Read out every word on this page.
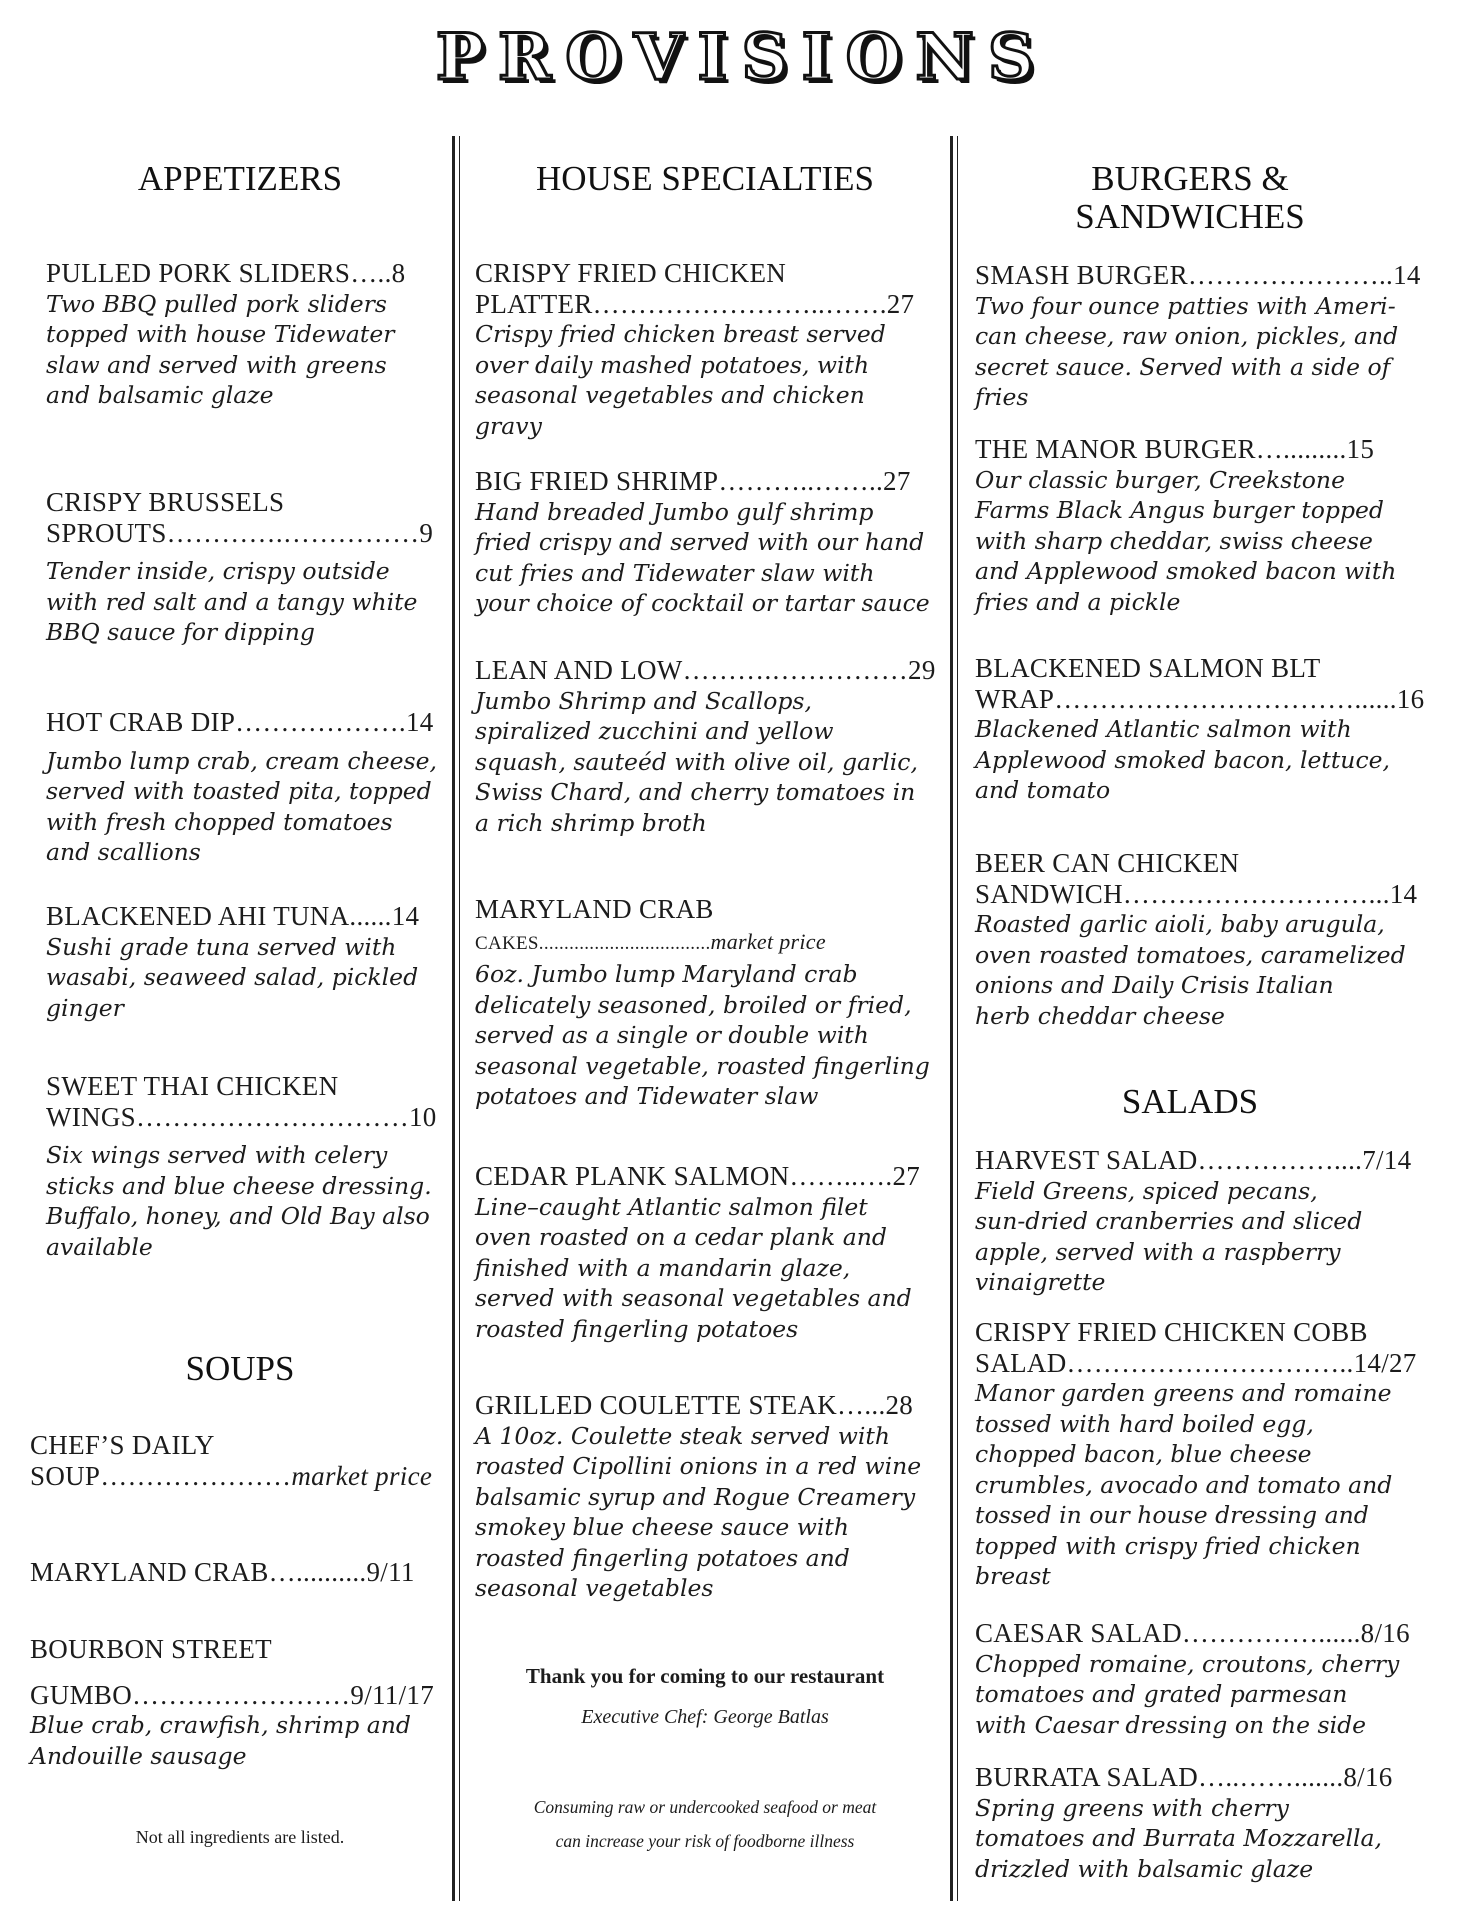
PROVISIONS
APPETIZERS
PULLED PORK SLIDERS…..8
Two BBQ pulled pork sliders
topped with house Tidewater
slaw and served with greens
and balsamic glaze
CRISPY BRUSSELS
SPROUTS………….……………9
Tender inside, crispy outside
with red salt and a tangy white
BBQ sauce for dipping
HOT CRAB DIP……………….14
Jumbo lump crab, cream cheese,
served with toasted pita, topped
with fresh chopped tomatoes
and scallions
BLACKENED AHI TUNA......14
Sushi grade tuna served with
wasabi, seaweed salad, pickled
ginger
SWEET THAI CHICKEN
WINGS…………………………10
Six wings served with celery
sticks and blue cheese dressing.
Buffalo, honey, and Old Bay also
available
SOUPS
CHEF’S DAILY
SOUP…………………market price
MARYLAND CRAB…..........9/11
BOURBON STREET
GUMBO……………………9/11/17
Blue crab, crawfish, shrimp and
Andouille sausage
Not all ingredients are listed.
HOUSE SPECIALTIES
CRISPY FRIED CHICKEN
PLATTER……………………..…….27
Crispy fried chicken breast served
over daily mashed potatoes, with
seasonal vegetables and chicken
gravy
BIG FRIED SHRIMP………..……..27
Hand breaded Jumbo gulf shrimp
fried crispy and served with our hand
cut fries and Tidewater slaw with
your choice of cocktail or tartar sauce
LEAN AND LOW……….……………29
Jumbo Shrimp and Scallops,
spiralized zucchini and yellow
squash, sauteéd with olive oil, garlic,
Swiss Chard, and cherry tomatoes in
a rich shrimp broth
MARYLAND CRAB
CAKES..................................market price
6oz. Jumbo lump Maryland crab
delicately seasoned, broiled or fried,
served as a single or double with
seasonal vegetable, roasted fingerling
potatoes and Tidewater slaw
CEDAR PLANK SALMON……..….27
Line–caught Atlantic salmon filet
oven roasted on a cedar plank and
finished with a mandarin glaze,
served with seasonal vegetables and
roasted fingerling potatoes
GRILLED COULETTE STEAK…...28
A 10oz. Coulette steak served with
roasted Cipollini onions in a red wine
balsamic syrup and Rogue Creamery
smokey blue cheese sauce with
roasted fingerling potatoes and
seasonal vegetables
Thank you for coming to our restaurant
Executive Chef: George Batlas
Consuming raw or undercooked seafood or meat
can increase your risk of foodborne illness
BURGERS &
SANDWICHES
SMASH BURGER…………………..14
Two four ounce patties with Ameri-
can cheese, raw onion, pickles, and
secret sauce. Served with a side of
fries
THE MANOR BURGER….........15
Our classic burger, Creekstone
Farms Black Angus burger topped
with sharp cheddar, swiss cheese
and Applewood smoked bacon with
fries and a pickle
BLACKENED SALMON BLT
WRAP……………………………......16
Blackened Atlantic salmon with
Applewood smoked bacon, lettuce,
and tomato
BEER CAN CHICKEN
SANDWICH………………………...14
Roasted garlic aioli, baby arugula,
oven roasted tomatoes, caramelized
onions and Daily Crisis Italian
herb cheddar cheese
SALADS
HARVEST SALAD……………....7/14
Field Greens, spiced pecans,
sun-dried cranberries and sliced
apple, served with a raspberry
vinaigrette
CRISPY FRIED CHICKEN COBB
SALAD…………………………..14/27
Manor garden greens and romaine
tossed with hard boiled egg,
chopped bacon, blue cheese
crumbles, avocado and tomato and
tossed in our house dressing and
topped with crispy fried chicken
breast
CAESAR SALAD……………......8/16
Chopped romaine, croutons, cherry
tomatoes and grated parmesan
with Caesar dressing on the side
BURRATA SALAD…..…….......8/16
Spring greens with cherry
tomatoes and Burrata Mozzarella,
drizzled with balsamic glaze
